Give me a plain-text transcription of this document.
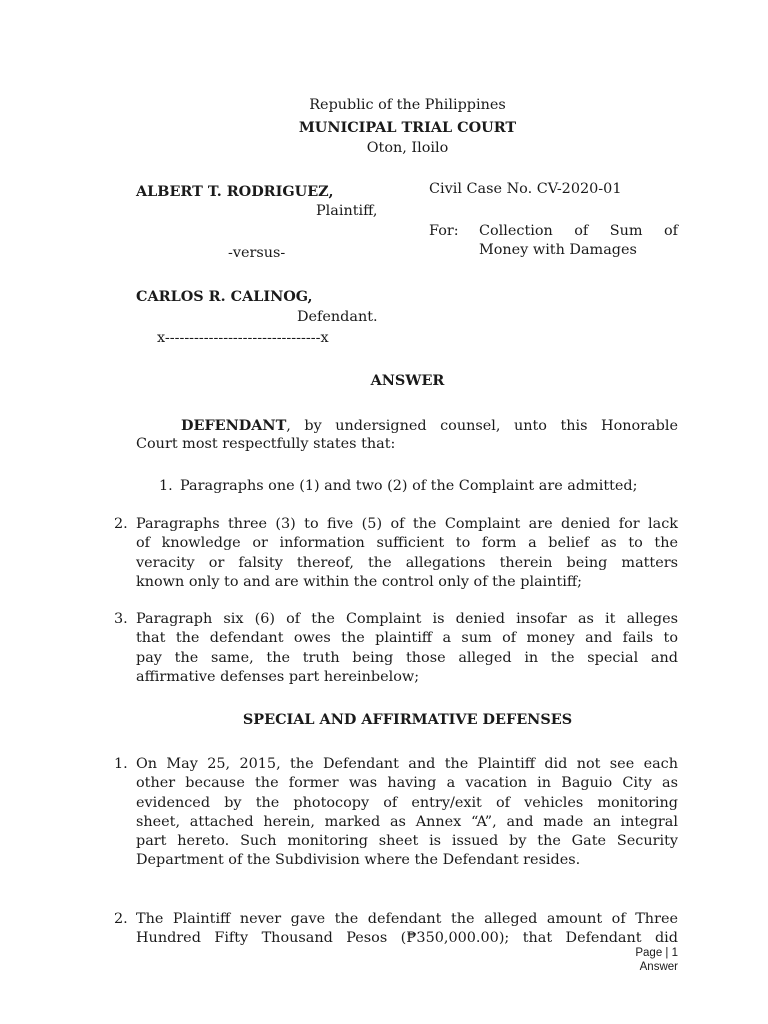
Republic of the Philippines
MUNICIPAL TRIAL COURT
Oton, Iloilo
ALBERT T. RODRIGUEZ,
Plaintiff,
-versus-
CARLOS R. CALINOG,
Defendant.
x--------------------------------x
Civil Case No. CV-2020-01
For: Collection of Sum of
Money with Damages
ANSWER
DEFENDANT, by undersigned counsel, unto this Honorable
Court most respectfully states that:
1. Paragraphs one (1) and two (2) of the Complaint are admitted;
2. Paragraphs three (3) to five (5) of the Complaint are denied for lack
of knowledge or information sufficient to form a belief as to the
veracity or falsity thereof, the allegations therein being matters
known only to and are within the control only of the plaintiff;
3. Paragraph six (6) of the Complaint is denied insofar as it alleges
that the defendant owes the plaintiff a sum of money and fails to
pay the same, the truth being those alleged in the special and
affirmative defenses part hereinbelow;
SPECIAL AND AFFIRMATIVE DEFENSES
1. On May 25, 2015, the Defendant and the Plaintiff did not see each
other because the former was having a vacation in Baguio City as
evidenced by the photocopy of entry/exit of vehicles monitoring
sheet, attached herein, marked as Annex “A”, and made an integral
part hereto. Such monitoring sheet is issued by the Gate Security
Department of the Subdivision where the Defendant resides.
2. The Plaintiff never gave the defendant the alleged amount of Three
Hundred Fifty Thousand Pesos (₱350,000.00); that Defendant did
Page | 1
Answer
